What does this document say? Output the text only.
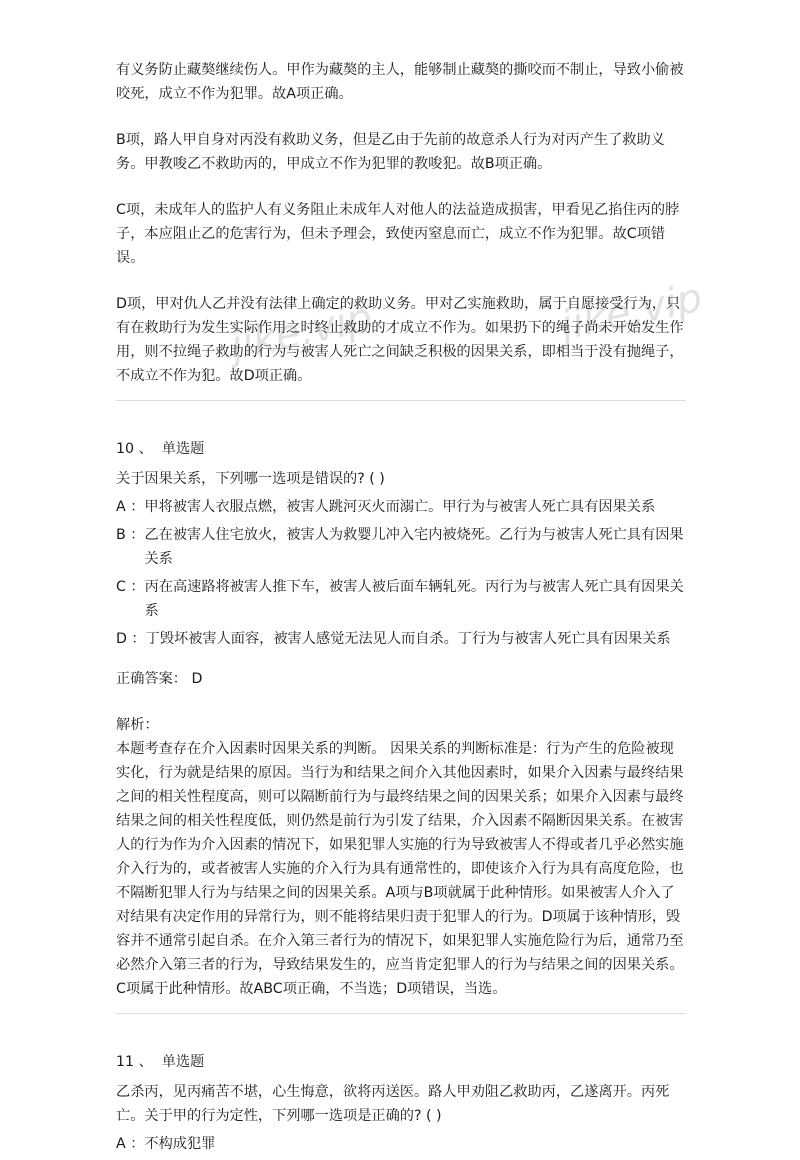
jike.vip	jike.vip

有义务防止藏獒继续伤人。甲作为藏獒的主人，能够制止藏獒的撕咬而不制止，导致小偷被咬死，成立不作为犯罪。故A项正确。

B项，路人甲自身对丙没有救助义务，但是乙由于先前的故意杀人行为对丙产生了救助义务。甲教唆乙不救助丙的，甲成立不作为犯罪的教唆犯。故B项正确。

C项，未成年人的监护人有义务阻止未成年人对他人的法益造成损害，甲看见乙掐住丙的脖子，本应阻止乙的危害行为，但未予理会，致使丙窒息而亡，成立不作为犯罪。故C项错误。

D项，甲对仇人乙并没有法律上确定的救助义务。甲对乙实施救助，属于自愿接受行为，只有在救助行为发生实际作用之时终止救助的才成立不作为。如果扔下的绳子尚未开始发生作用，则不拉绳子救助的行为与被害人死亡之间缺乏积极的因果关系，即相当于没有抛绳子，不成立不作为犯。故D项正确。

10 、 单选题

关于因果关系，下列哪一选项是错误的? ( )

A ： 甲将被害人衣服点燃，被害人跳河灭火而溺亡。甲行为与被害人死亡具有因果关系
B ： 乙在被害人住宅放火，被害人为救婴儿冲入宅内被烧死。乙行为与被害人死亡具有因果关系
C ： 丙在高速路将被害人推下车，被害人被后面车辆轧死。丙行为与被害人死亡具有因果关系
D ： 丁毁坏被害人面容，被害人感觉无法见人而自杀。丁行为与被害人死亡具有因果关系

正确答案： D

解析：

本题考查存在介入因素时因果关系的判断。 因果关系的判断标准是：行为产生的危险被现实化，行为就是结果的原因。当行为和结果之间介入其他因素时，如果介入因素与最终结果之间的相关性程度高，则可以隔断前行为与最终结果之间的因果关系；如果介入因素与最终结果之间的相关性程度低，则仍然是前行为引发了结果，介入因素不隔断因果关系。在被害人的行为作为介入因素的情况下，如果犯罪人实施的行为导致被害人不得或者几乎必然实施介入行为的，或者被害人实施的介入行为具有通常性的，即使该介入行为具有高度危险，也不隔断犯罪人行为与结果之间的因果关系。A项与B项就属于此种情形。如果被害人介入了对结果有决定作用的异常行为，则不能将结果归责于犯罪人的行为。D项属于该种情形，毁容并不通常引起自杀。在介入第三者行为的情况下，如果犯罪人实施危险行为后，通常乃至必然介入第三者的行为，导致结果发生的，应当肯定犯罪人的行为与结果之间的因果关系。C项属于此种情形。故ABC项正确，不当选；D项错误，当选。

11 、 单选题

乙杀丙，见丙痛苦不堪，心生悔意，欲将丙送医。路人甲劝阻乙救助丙，乙遂离开。丙死亡。关于甲的行为定性，下列哪一选项是正确的? ( )

A ： 不构成犯罪
